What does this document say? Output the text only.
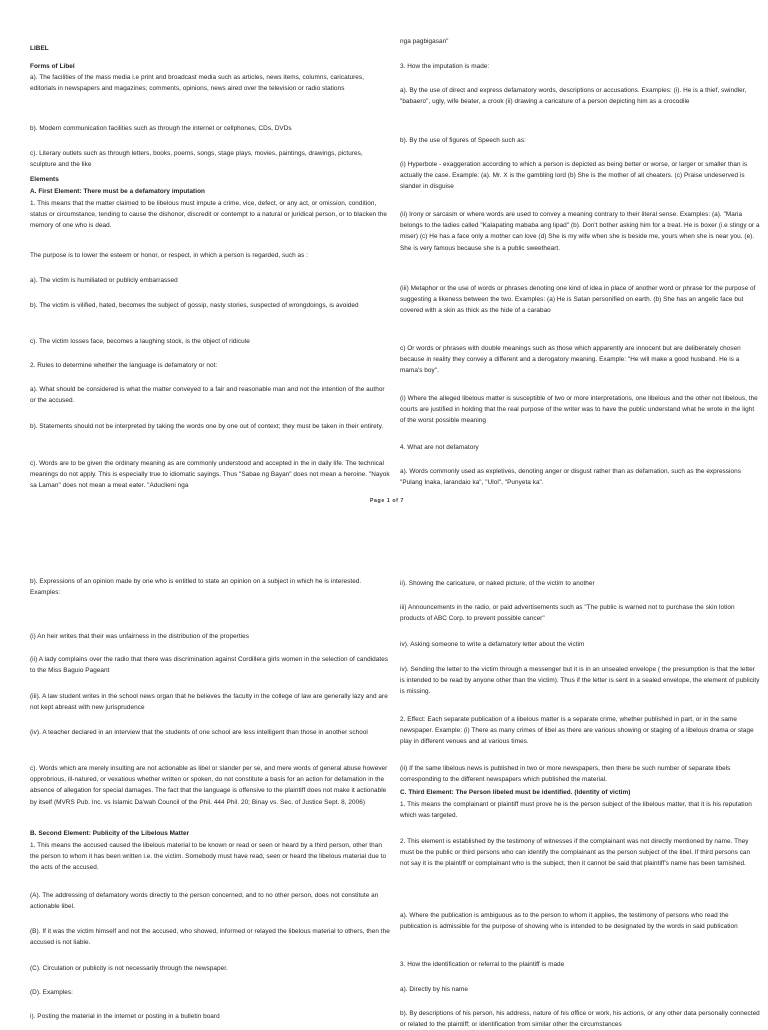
LIBEL

Forms of Libel

a). The facilities of the mass media i.e print and broadcast media such as articles, news items, columns, caricatures, editorials in newspapers and magazines; comments, opinions, news aired over the television or radio stations

b). Modern communication facilities such as through the internet or cellphones, CDs, DVDs

c). Literary outlets such as through letters, books, poems, songs, stage plays, movies, paintings, drawings, pictures, sculpture and the like

Elements

A. First Element: There must be a defamatory imputation

1. This means that the matter claimed to be libelous must impute a crime, vice, defect, or any act, or omission, condition, status or circumstance, tending to cause the dishonor, discredit or contempt to a natural or juridical person, or to blacken the memory of one who is dead.

The purpose is to lower the esteem or honor, or respect, in which a person is regarded, such as :

a). The victim is humiliated or publicly embarrassed

b). The victim is vilified, hated, becomes the subject of gossip, nasty stories, suspected of wrongdoings, is avoided

c). The victim losses face, becomes a laughing stock, is the object of ridicule

2. Rules to determine whether the language is defamatory or not:

a). What should be considered is what the matter conveyed to a fair and reasonable man and not the intention of the author or the accused.

b). Statements should not be interpreted by taking the words one by one out of context; they must be taken in their entirety.

c). Words are to be given the ordinary meaning as are commonly understood and accepted in the in daily life. The technical meanings do not apply. This is especially true to idiomatic sayings. Thus "Sabae ng Bayan" does not mean a heroine. "Nayok sa Laman" does not mean a meat eater. "Aduclieni nga

nga pagbigasan"

3. How the imputation is made:

a). By the use of direct and express defamatory words, descriptions or accusations. Examples: (i). He is a thief, swindler, "babaero", ugly, wife beater, a crook (ii) drawing a caricature of a person depicting him as a crocodile

b). By the use of figures of Speech such as:

(i) Hyperbole - exaggeration according to which a person is depicted as being better or worse, or larger or smaller than is actually the case. Example: (a). Mr. X is the gambling lord (b) She is the mother of all cheaters. (c) Praise undeserved is slander in disguise

(ii) Irony or sarcasm or where words are used to convey a meaning contrary to their literal sense. Examples: (a). "Maria belongs to the ladies called "Kalapating mababa ang lipad" (b). Don't bother asking him for a treat. He is boxer (i.e stingy or a miser) (c) He has a face only a mother can love (d) She is my wife when she is beside me, yours when she is near you. (e). She is very famous because she is a public sweetheart.

(iii) Metaphor or the use of words or phrases denoting one kind of idea in place of another word or phrase for the purpose of suggesting a likeness between the two. Examples: (a) He is Satan personified on earth. (b) She has an angelic face but covered with a skin as thick as the hide of a carabao

c) Or words or phrases with double meanings such as those which apparently are innocent but are deliberately chosen because in reality they convey a different and a derogatory meaning. Example: "He will make a good husband. He is a mama's boy".

(i) Where the alleged libelous matter is susceptible of two or more interpretations, one libelous and the other not libelous, the courts are justified in holding that the real purpose of the writer was to have the public understand what he wrote in the light of the worst possible meaning

4. What are not defamatory

a). Words commonly used as expletives, denoting anger or disgust rather than as defamation, such as the expressions "Pulang Inaka, larandaio ka", "Ulol", "Punyeta ka".

Page 1 of 7

b). Expressions of an opinion made by one who is entitled to state an opinion on a subject in which he is interested. Examples:

(i) An heir writes that their was unfairness in the distribution of the properties

(ii) A lady complains over the radio that there was discrimination against Cordillera girls women in the selection of candidates to the Miss Baguio Pageant

(iii). A law student writes in the school news organ that he believes the faculty in the college of law are generally lazy and are not kept abreast with new jurisprudence

(iv). A teacher declared in an interview that the students of one school are less intelligent than those in another school

c). Words which are merely insulting are not actionable as libel or slander per se, and mere words of general abuse however opprobrious, ill-natured, or vexatious whether written or spoken, do not constitute a basis for an action for defamation in the absence of allegation for special damages. The fact that the language is offensive to the plaintiff does not make it actionable by itself (MVRS Pub. Inc. vs Islamic Da'wah Council of the Phil. 444 Phil. 20; Binay vs. Sec. of Justice Sept. 8, 2006)

B. Second Element: Publicity of the Libelous Matter

1. This means the accused caused the libelous material to be known or read or seen or heard by a third person, other than the person to whom it has been written i.e. the victim. Somebody must have read, seen or heard the libelous material due to the acts of the accused.

(A). The addressing of defamatory words directly to the person concerned, and to no other person, does not constitute an actionable libel.

(B). If it was the victim himself and not the accused, who showed, informed or relayed the libelous material to others, then the accused is not liable.

(C). Circulation or publicity is not necessarily through the newspaper.

(D). Examples:

i). Posting the material in the internet or posting in a bulletin board

ii). Showing the caricature, or naked picture, of the victim to another

iii) Announcements in the radio, or paid advertisements such as "The public is warned not to purchase the skin lotion products of ABC Corp. to prevent possible cancer"

iv). Asking someone to write a defamatory letter about the victim

iv). Sending the letter to the victim through a messenger but it is in an unsealed envelope ( the presumption is that the letter is intended to be read by anyone other than the victim). Thus if the letter is sent in a sealed envelope, the element of publicity is missing.

2. Effect: Each separate publication of a libelous matter is a separate crime, whether published in part, or in the same newspaper. Example: (i) There as many crimes of libel as there are various showing or staging of a libelous drama or stage play in different venues and at various times.

(ii) If the same libelous news is published in two or more newspapers, then there be such number of separate libels corresponding to the different newspapers which published the material.

C. Third Element: The Person libeled must be identified. (Identity of victim)

1. This means the complainant or plaintiff must prove he is the person subject of the libelous matter, that it is his reputation which was targeted.

2. This element is established by the testimony of witnesses if the complainant was not directly mentioned by name. They must be the public or third persons who can identify the complainant as the person subject of the libel. If third persons can not say it is the plaintiff or complainant who is the subject, then it cannot be said that plaintiff's name has been tarnished.

a). Where the publication is ambiguous as to the person to whom it applies, the testimony of persons who read the publication is admissible for the purpose of showing who is intended to be designated by the words in said publication

3. How the identification or referral to the plaintiff is made

a). Directly by his name

b). By descriptions of his person, his address, nature of his office or work, his actions, or any other data personally connected or related to the plaintiff; or identification from similar other the circumstances
